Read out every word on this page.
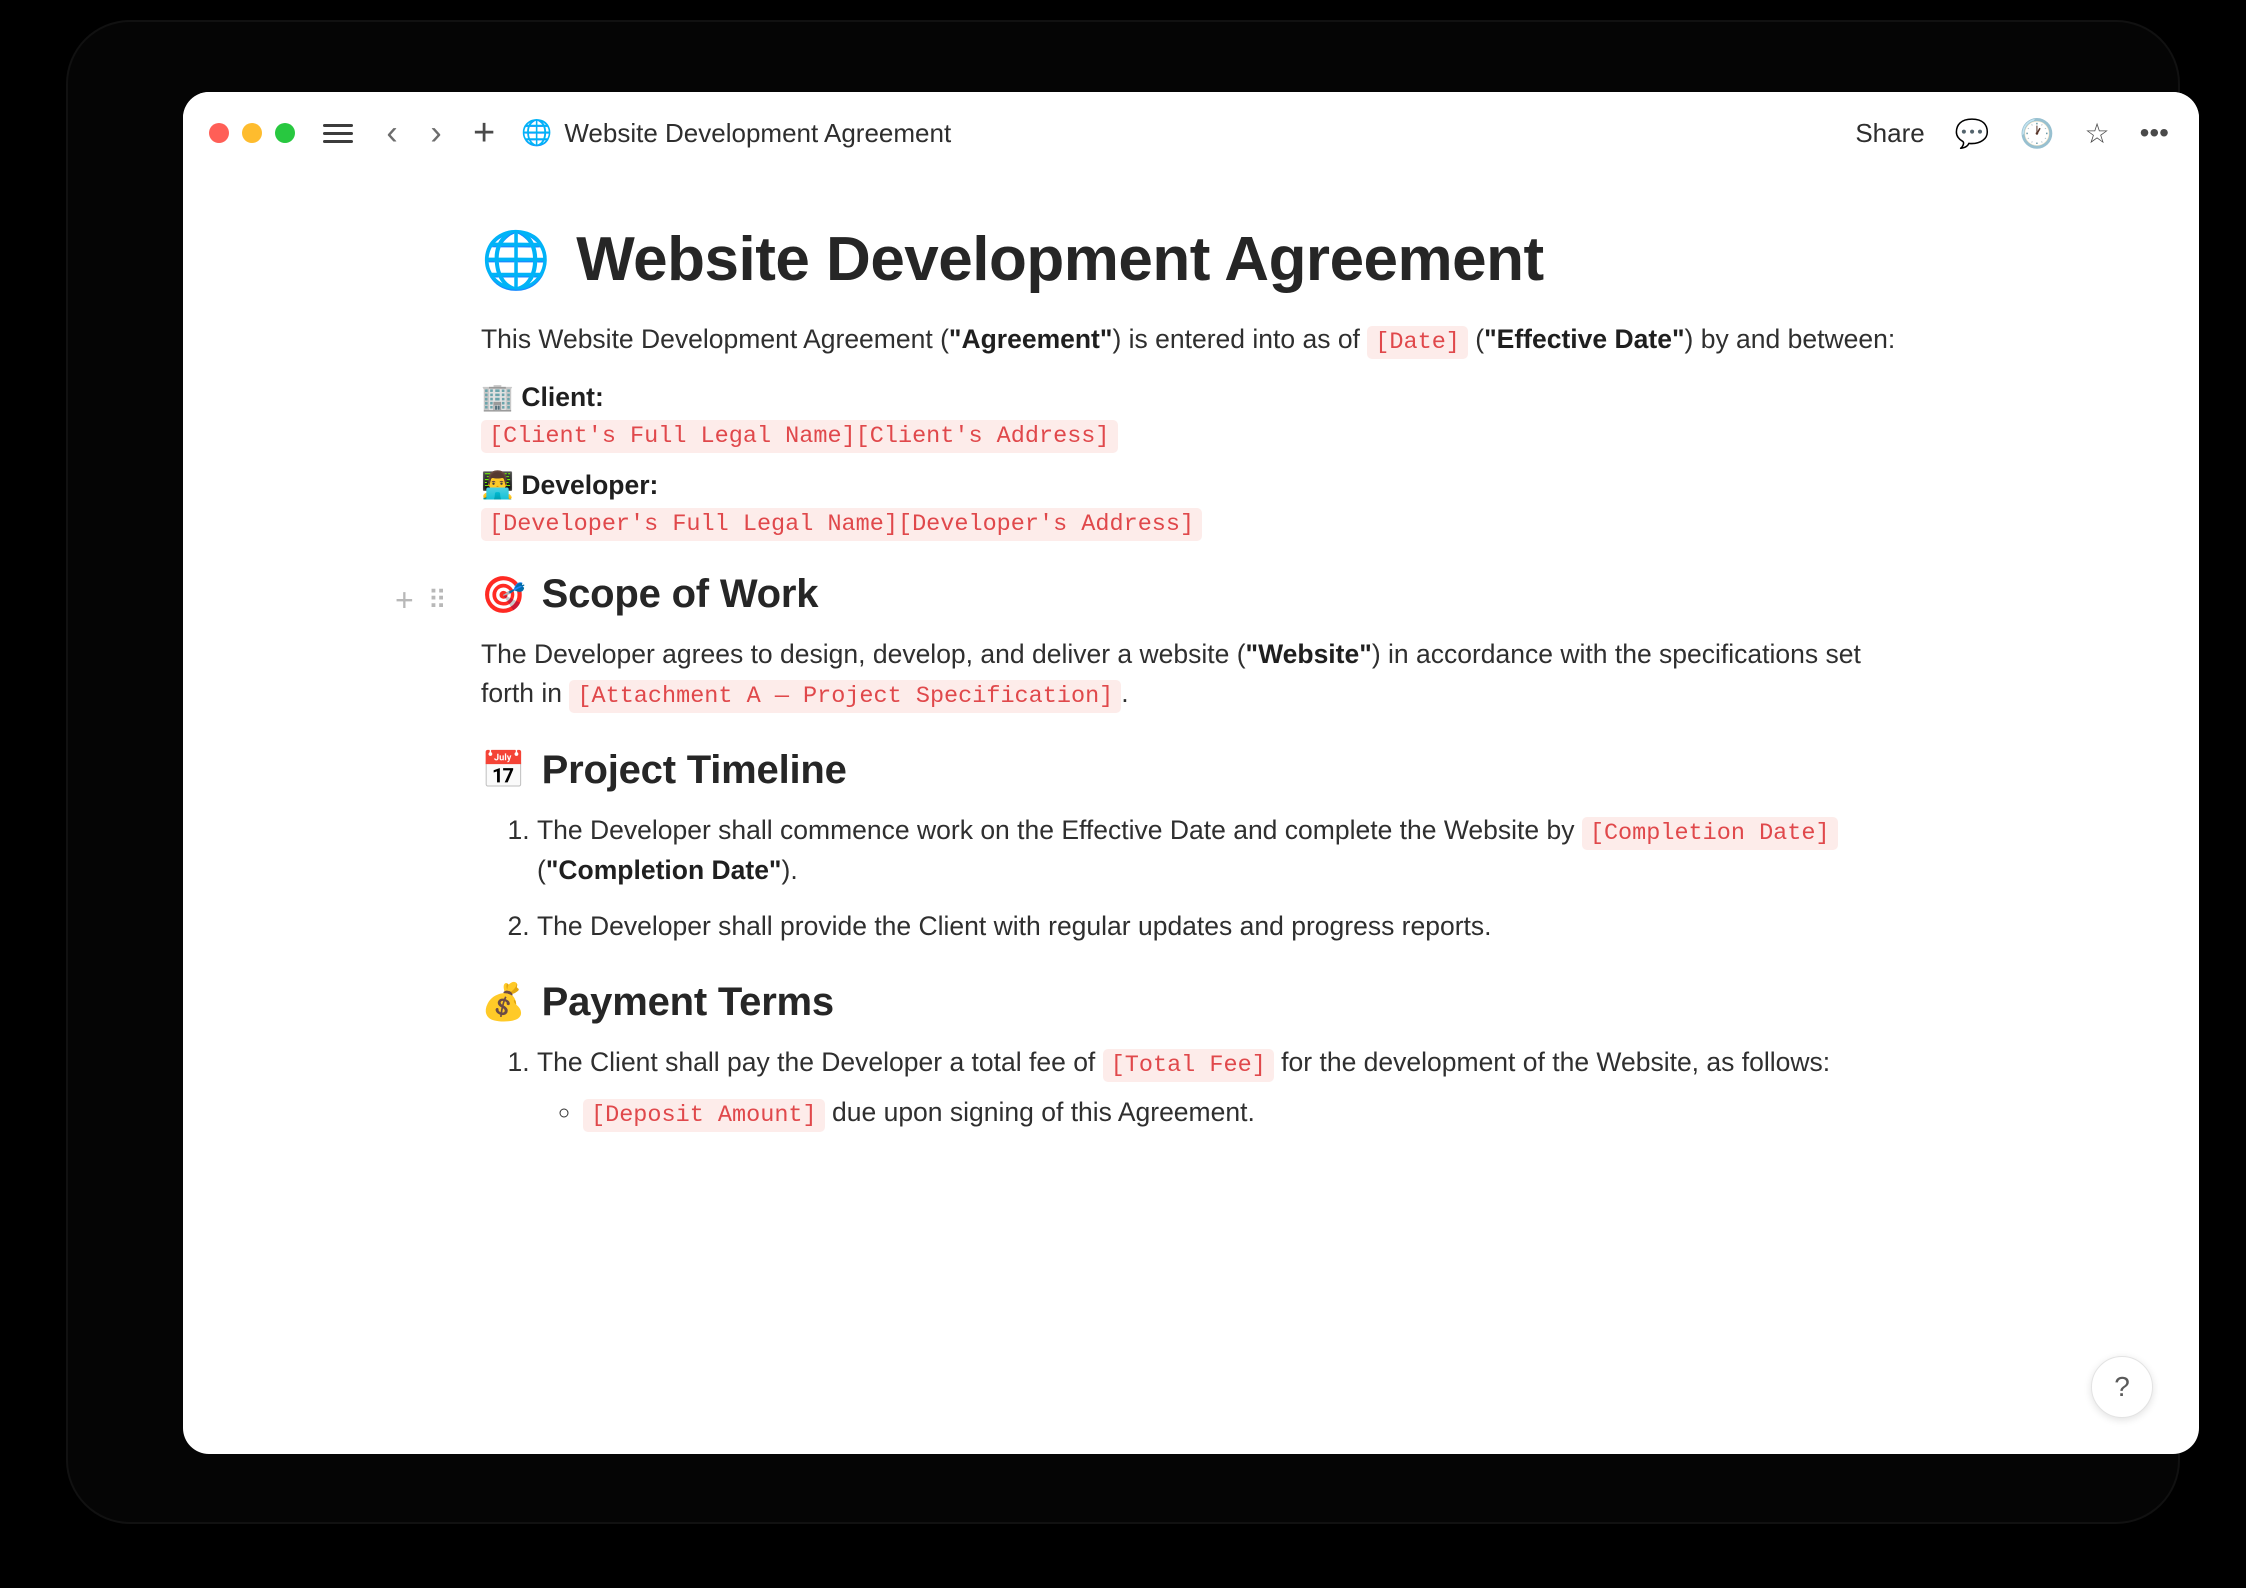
‹ › + 🌐 Website Development Agreement	Share 💬 🕐 ☆ •••
🌐 Website Development Agreement

This Website Development Agreement ("Agreement") is entered into as of [Date] ("Effective Date") by and between:

🏢 Client:

[Client's Full Legal Name][Client's Address]

👨‍💻 Developer:

[Developer's Full Legal Name][Developer's Address]

+ ⠿ 🎯 Scope of Work

The Developer agrees to design, develop, and deliver a website ("Website") in accordance with the specifications set forth in [Attachment A — Project Specification] .

📅 Project Timeline
1. The Developer shall commence work on the Effective Date and complete the Website by [Completion Date] ("Completion Date").
2. The Developer shall provide the Client with regular updates and progress reports.
💰 Payment Terms
1. The Client shall pay the Developer a total fee of [Total Fee] for the development of the Website, as follows:
◦ [Deposit Amount] due upon signing of this Agreement.
?
